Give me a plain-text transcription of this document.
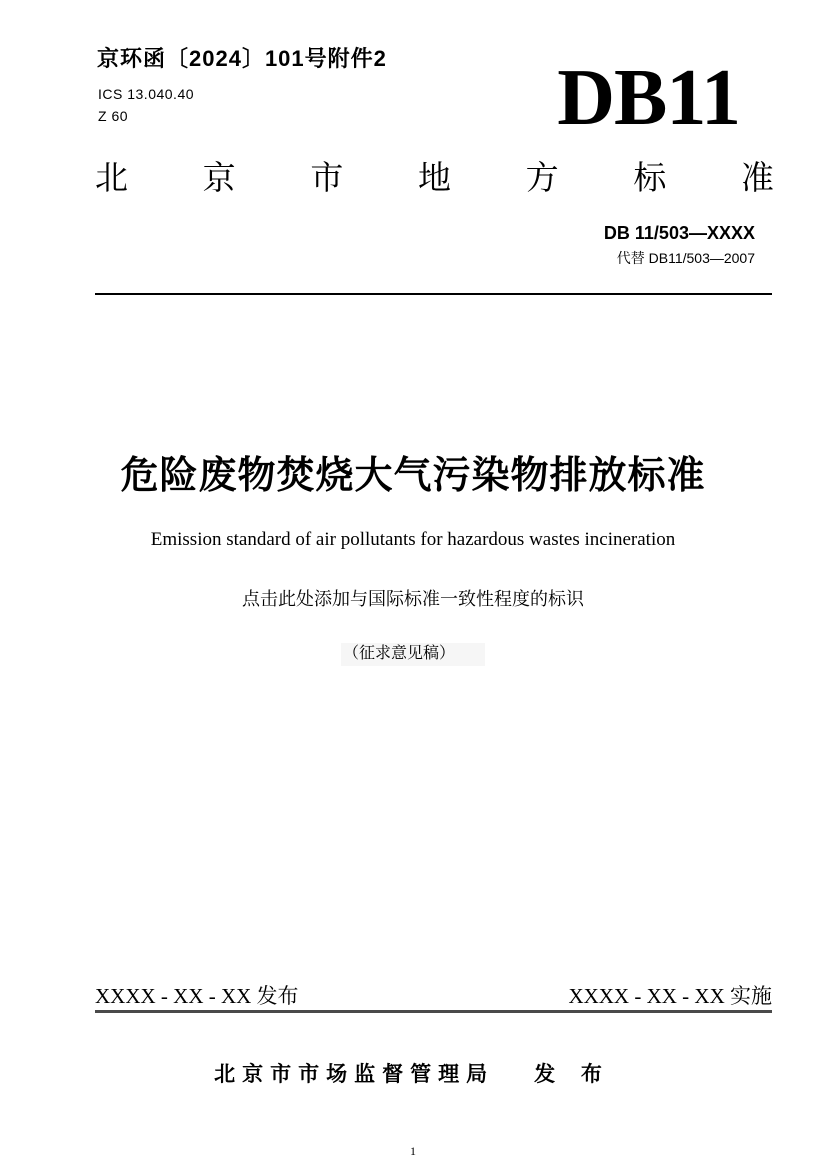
京环函〔2024〕101号附件2
ICS 13.040.40
Z 60	DB11
北京市地方标准
DB 11/503—XXXX
代替 DB11/503—2007
危险废物焚烧大气污染物排放标准
Emission standard of air pollutants for hazardous wastes incineration
点击此处添加与国际标准一致性程度的标识
（征求意见稿）
XXXX - XX - XX 发布	XXXX - XX - XX 实施
北京市市场监督管理局 发 布
1
